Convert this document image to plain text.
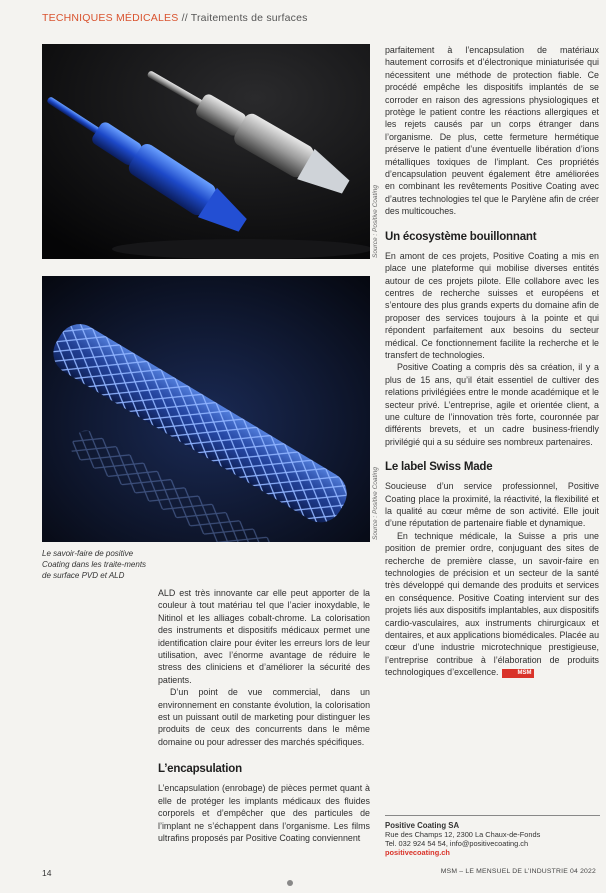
TECHNIQUES MÉDICALES // Traitements de surfaces
Source : Positive Coating
Source : Positive Coating
Le savoir-faire de positive Coating dans les traite-ments de surface PVD et ALD

parfaitement à l’encapsulation de matériaux hautement corrosifs et d’électronique miniaturisée qui nécessitent une méthode de protection fiable. Ce procédé empêche les dispositifs implantés de se corroder en raison des agressions physiologiques et protège le patient contre les réactions allergiques et les rejets causés par un corps étranger dans l’organisme. De plus, cette fermeture hermétique préserve le patient d’une éventuelle libération d’ions métalliques toxiques de l’implant. Ces propriétés d’encapsulation peuvent également être améliorées en combinant les revêtements Positive Coating avec d’autres technologies tel que le Parylène afin de créer des multicouches.

Un écosystème bouillonnant

En amont de ces projets, Positive Coating a mis en place une plateforme qui mobilise diverses entités autour de ces projets pilote. Elle collabore avec les centres de recherche suisses et européens et s’entoure des plus grands experts du domaine afin de proposer des services toujours à la pointe et qui répondent parfaitement aux besoins du secteur médical. Ce fonctionnement facilite la recherche et le transfert de technologies.

Positive Coating a compris dès sa création, il y a plus de 15 ans, qu’il était essentiel de cultiver des relations privilégiées entre le monde académique et le secteur privé. L’entreprise, agile et orientée client, a une culture de l’innovation très forte, couronnée par différents brevets, et un cadre business-friendly privilégié qui a su séduire ses nombreux partenaires.

Le label Swiss Made

Soucieuse d’un service professionnel, Positive Coating place la proximité, la réactivité, la flexibilité et la qualité au cœur même de son activité. Elle jouit d’une réputation de partenaire fiable et dynamique.

En technique médicale, la Suisse a pris une position de premier ordre, conjuguant des sites de recherche de première classe, un savoir-faire en technologies de précision et un secteur de la santé très développé qui demande des produits et services en conséquence. Positive Coating intervient sur des projets liés aux dispositifs implantables, aux dispositifs cardio-vasculaires, aux instruments chirurgicaux et dentaires, et aux applications biomédicales. Placée au cœur d’une industrie microtechnique prestigieuse, l’entreprise contribue à l’élaboration de produits technologiques d’excellence.	MSM

ALD est très innovante car elle peut apporter de la couleur à tout matériau tel que l’acier inoxydable, le Nitinol et les alliages cobalt-chrome. La colorisation des instruments et dispositifs médicaux permet une identification claire pour éviter les erreurs lors de leur utilisation, avec l’énorme avantage de réduire le stress des cliniciens et d’améliorer la sécurité des patients.

D’un point de vue commercial, dans un environnement en constante évolution, la colorisation est un puissant outil de marketing pour distinguer les produits de ceux des concurrents dans le même domaine ou pour adresser des marchés spécifiques.

L’encapsulation

L’encapsulation (enrobage) de pièces permet quant à elle de protéger les implants médicaux des fluides corporels et d’empêcher que des particules de l’implant ne s’échappent dans l’organisme. Les films ultrafins proposés par Positive Coating conviennent

Positive Coating SA
Rue des Champs 12, 2300 La Chaux-de-Fonds
Tel. 032 924 54 54, info@positivecoating.ch
positivecoating.ch
14	MSM – LE MENSUEL DE L’INDUSTRIE 04 2022
